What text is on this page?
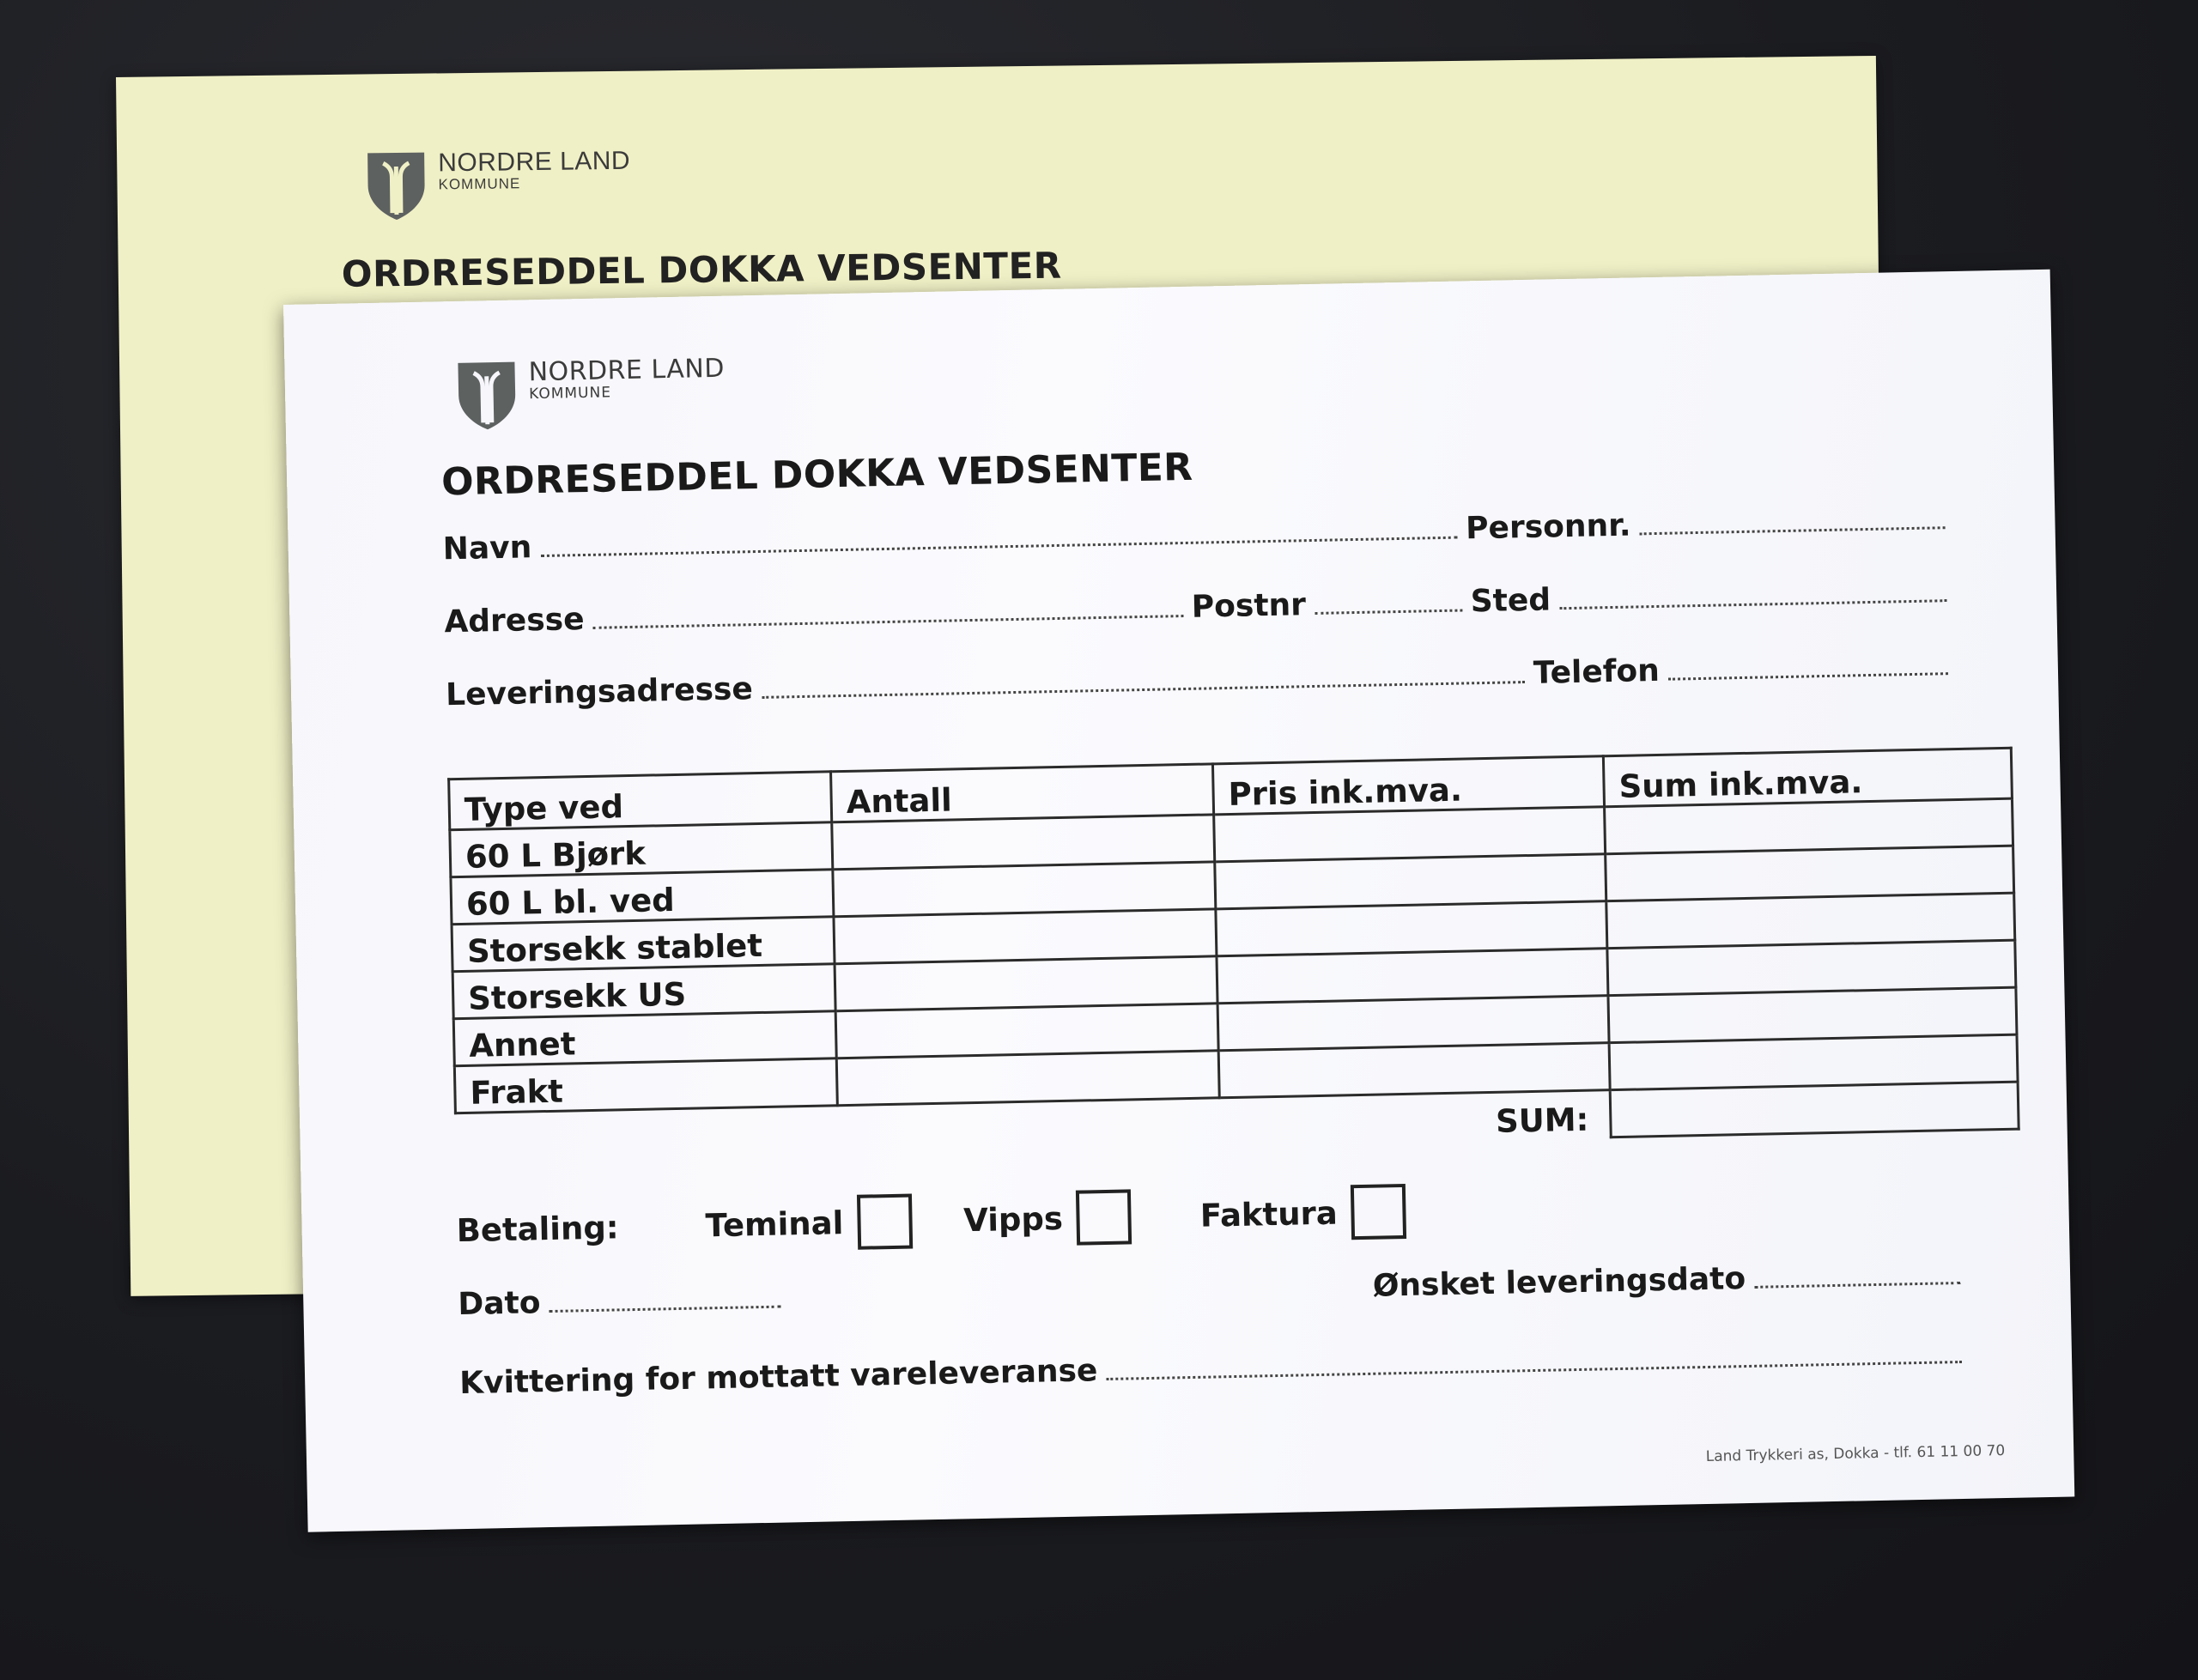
NORDRE LAND
KOMMUNE
ORDRESEDDEL DOKKA VEDSENTER
NORDRE LAND
KOMMUNE
ORDRESEDDEL DOKKA VEDSENTER
Navn
Personnr.
Adresse	Postnr	Sted
Leveringsadresse	Telefon
Type ved	Antall	Pris ink.mva.	Sum ink.mva.
60 L Bjørk			
60 L bl. ved			
Storsekk stablet			
Storsekk US			
Annet			
Frakt			
		SUM:	
Betaling:	Teminal	Vipps	Faktura
Dato	Ønsket leveringsdato
Kvittering for mottatt vareleveranse
Land Trykkeri as, Dokka - tlf. 61 11 00 70
